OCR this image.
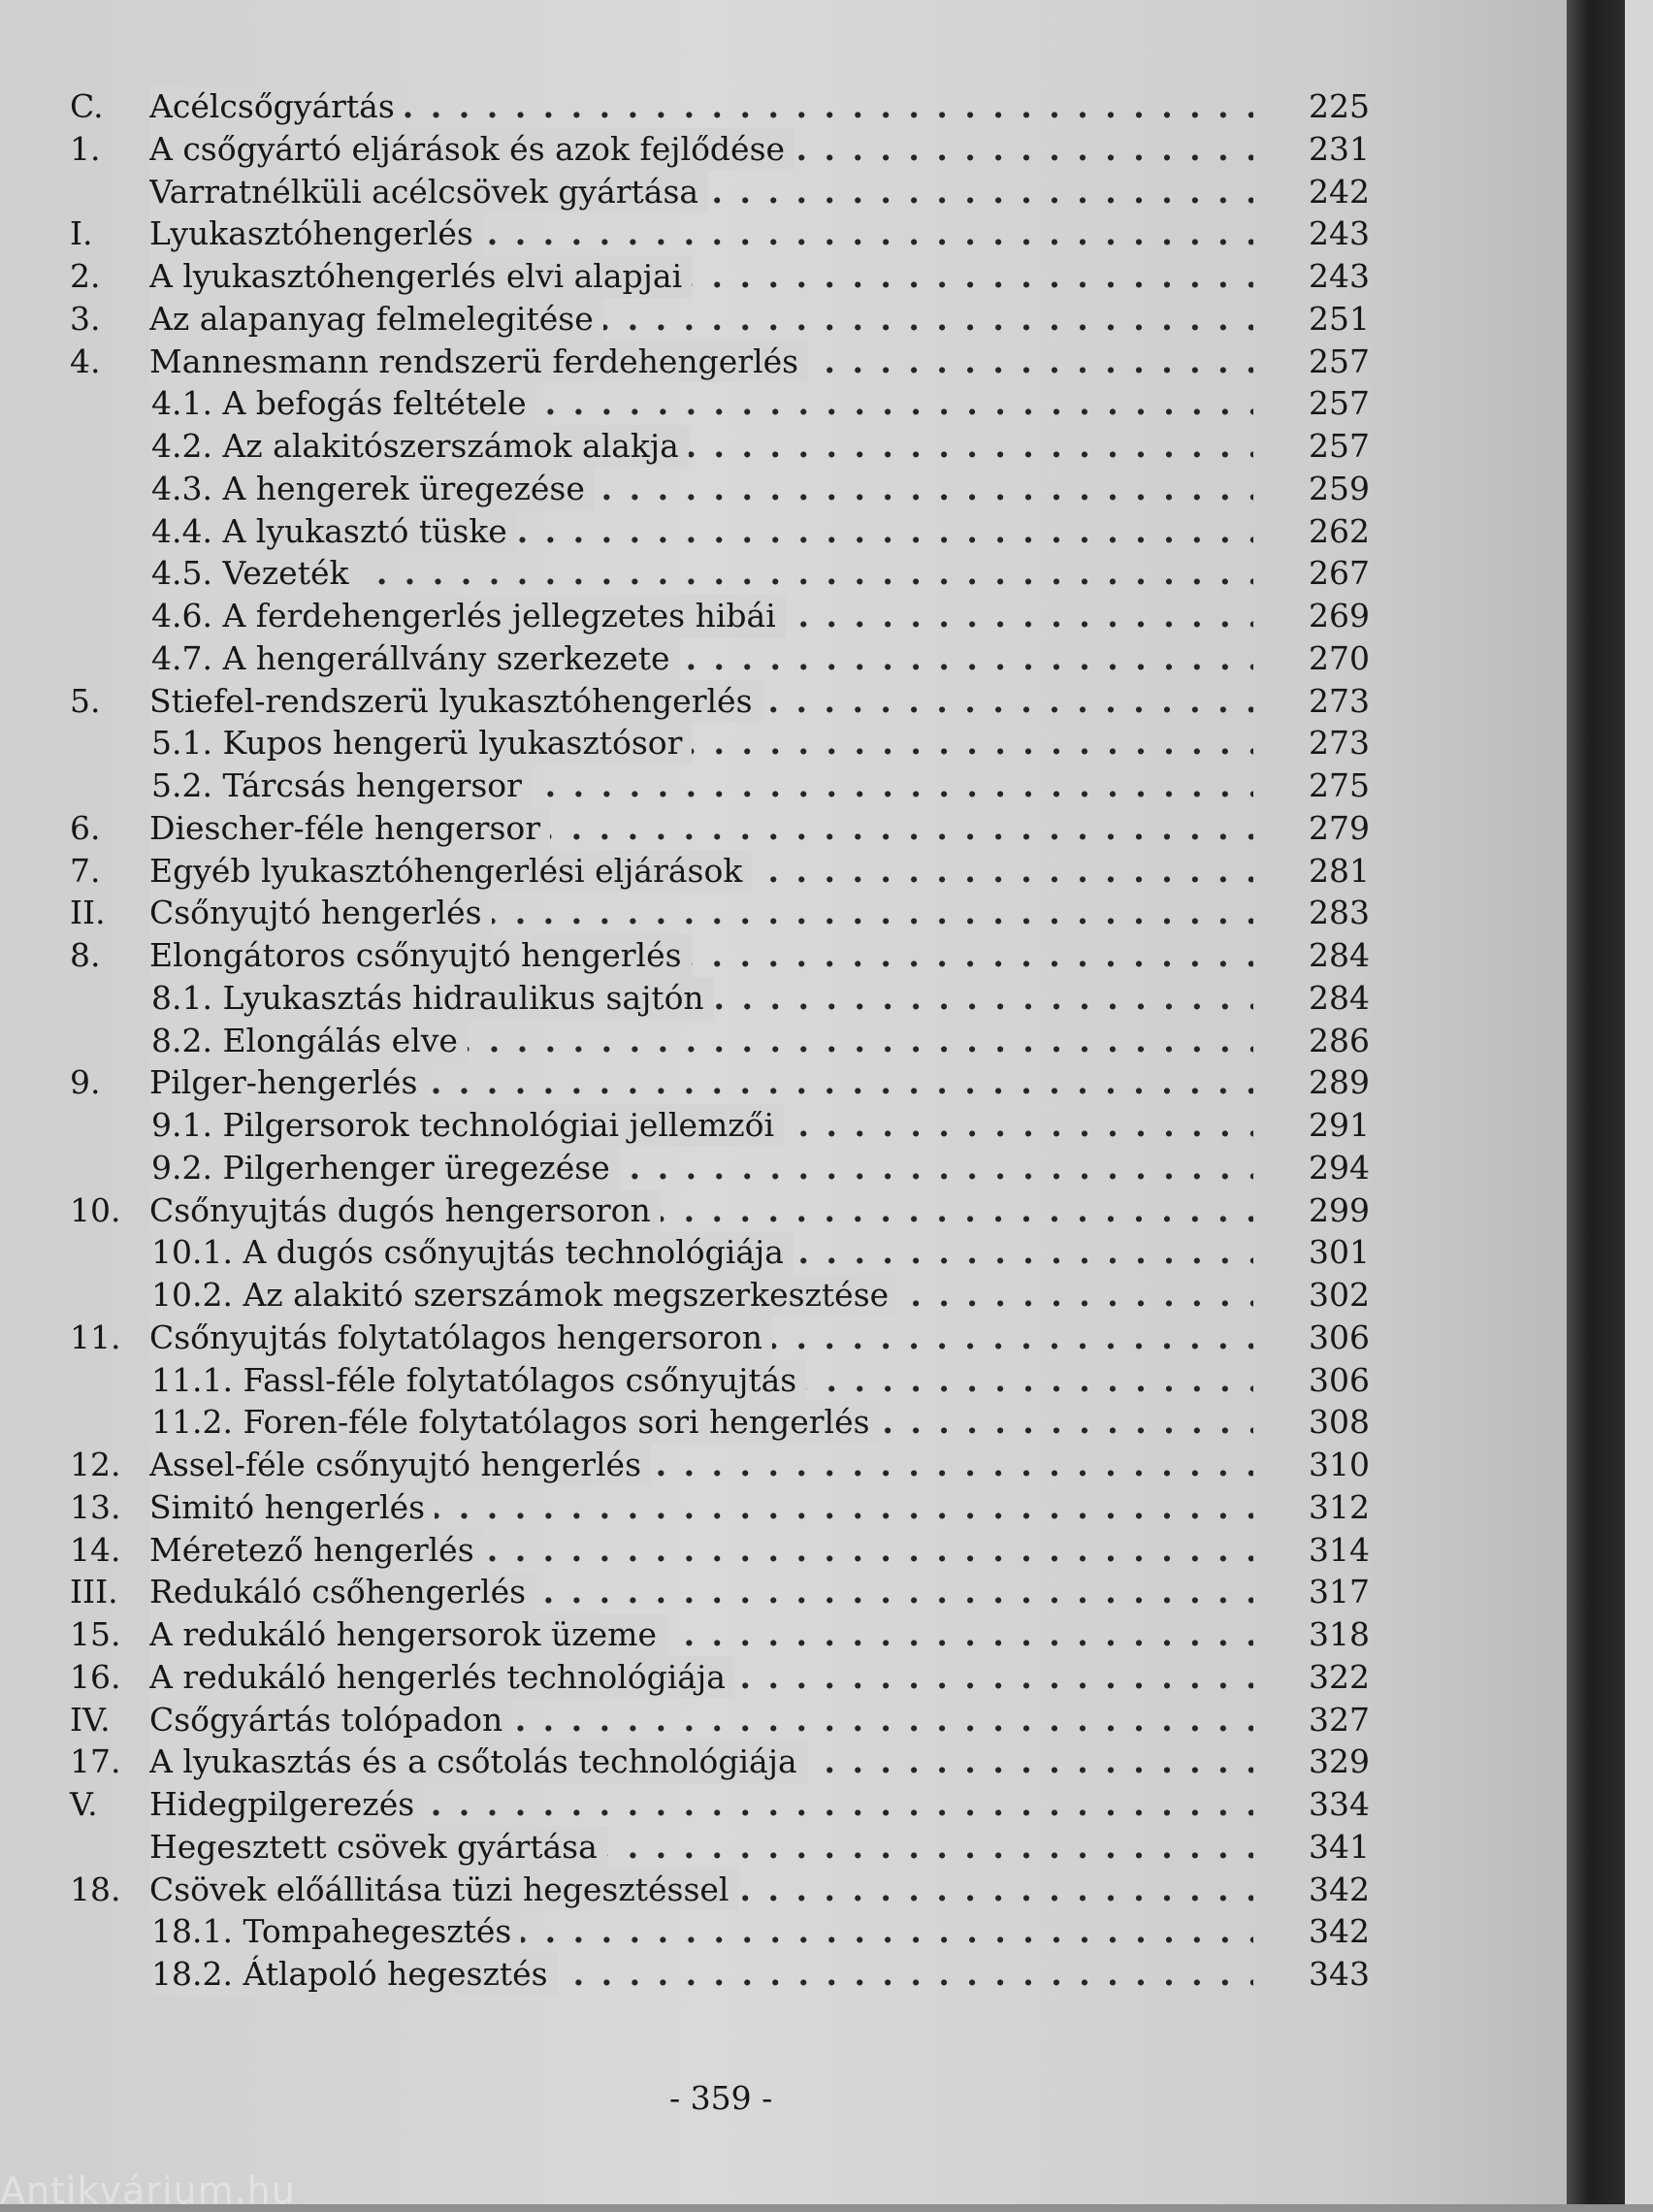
C. Acélcsőgyártás . . .	225
1. A csőgyártó eljárások és azok fejlődése . . .	231
Varratnélküli acélcsövek gyártása . . .	242
I. Lyukasztóhengerlés . . .	243
2. A lyukasztóhengerlés elvi alapjai . . .	243
3. Az alapanyag felmelegitése . . .	251
4. Mannesmann rendszerü ferdehengerlés . . .	257
4.1. A befogás feltétele . . .	257
4.2. Az alakitószerszámok alakja . . .	257
4.3. A hengerek üregezése . . .	259
4.4. A lyukasztó tüske . . .	262
4.5. Vezeték . . .	267
4.6. A ferdehengerlés jellegzetes hibái . . .	269
4.7. A hengerállvány szerkezete . . .	270
5. Stiefel-rendszerü lyukasztóhengerlés . . .	273
5.1. Kupos hengerü lyukasztósor . . .	273
5.2. Tárcsás hengersor . . .	275
6. Diescher-féle hengersor . . .	279
7. Egyéb lyukasztóhengerlési eljárások . . .	281
II. Csőnyujtó hengerlés . . .	283
8. Elongátoros csőnyujtó hengerlés . . .	284
8.1. Lyukasztás hidraulikus sajtón . . .	284
8.2. Elongálás elve . . .	286
9. Pilger-hengerlés . . .	289
9.1. Pilgersorok technológiai jellemzői . . .	291
9.2. Pilgerhenger üregezése . . .	294
10. Csőnyujtás dugós hengersoron . . .	299
10.1. A dugós csőnyujtás technológiája . . .	301
10.2. Az alakitó szerszámok megszerkesztése . . .	302
11. Csőnyujtás folytatólagos hengersoron . . .	306
11.1. Fassl-féle folytatólagos csőnyujtás . . .	306
11.2. Foren-féle folytatólagos sori hengerlés . . .	308
12. Assel-féle csőnyujtó hengerlés . . .	310
13. Simitó hengerlés . . .	312
14. Méretező hengerlés . . .	314
III. Redukáló csőhengerlés . . .	317
15. A redukáló hengersorok üzeme . . .	318
16. A redukáló hengerlés technológiája . . .	322
IV. Csőgyártás tolópadon . . .	327
17. A lyukasztás és a csőtolás technológiája . . .	329
V. Hidegpilgerezés . . .	334
Hegesztett csövek gyártása . . .	341
18. Csövek előállitása tüzi hegesztéssel . . .	342
18.1. Tompahegesztés . . .	342
18.2. Átlapoló hegesztés . . .	343
- 359 -
Antikvárium.hu
